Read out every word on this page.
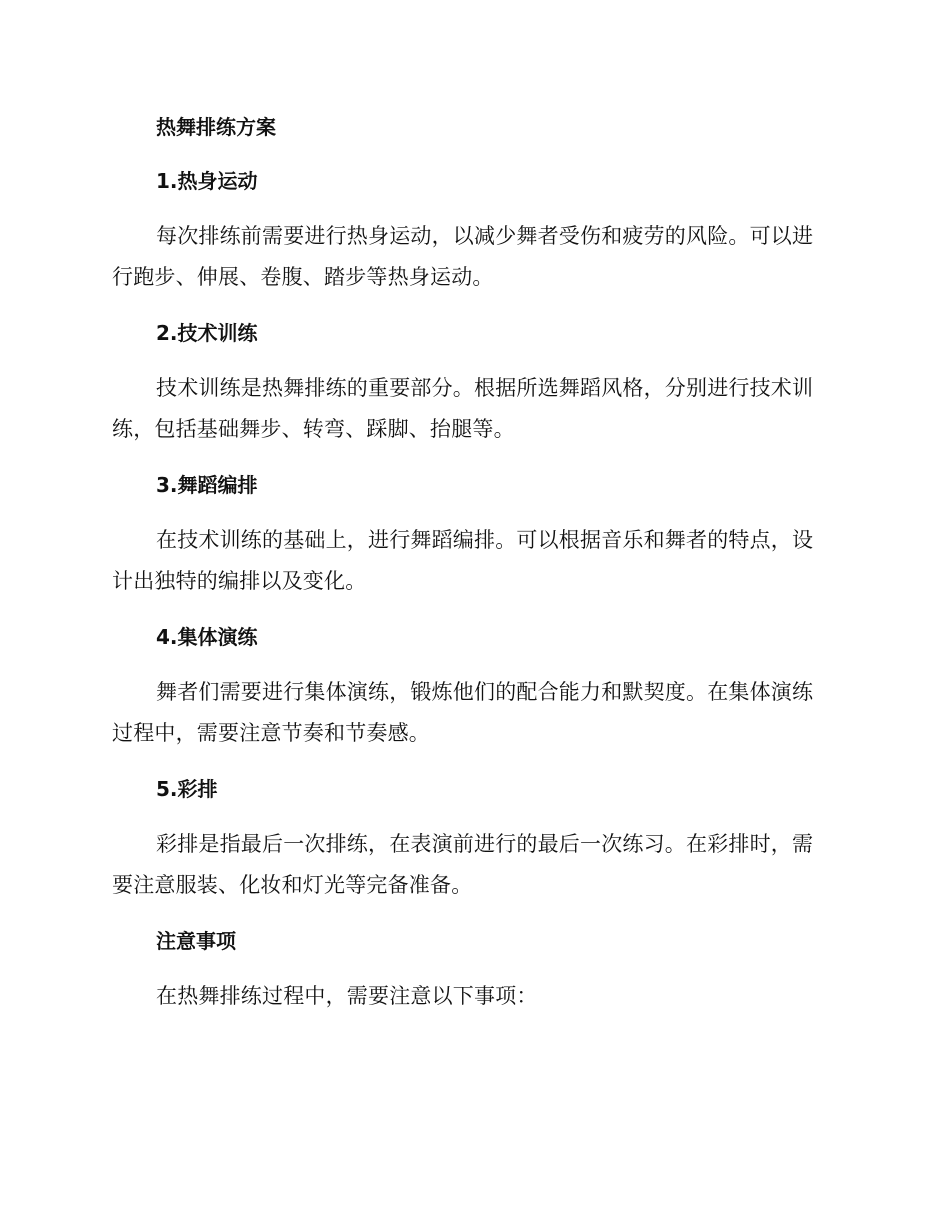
热舞排练方案
1.热身运动

每次排练前需要进行热身运动，以减少舞者受伤和疲劳的风险。可以进行跑步、伸展、卷腹、踏步等热身运动。

2.技术训练

技术训练是热舞排练的重要部分。根据所选舞蹈风格，分别进行技术训练，包括基础舞步、转弯、踩脚、抬腿等。

3.舞蹈编排

在技术训练的基础上，进行舞蹈编排。可以根据音乐和舞者的特点，设计出独特的编排以及变化。

4.集体演练

舞者们需要进行集体演练，锻炼他们的配合能力和默契度。在集体演练过程中，需要注意节奏和节奏感。

5.彩排

彩排是指最后一次排练，在表演前进行的最后一次练习。在彩排时，需要注意服装、化妆和灯光等完备准备。

注意事项

在热舞排练过程中，需要注意以下事项：
